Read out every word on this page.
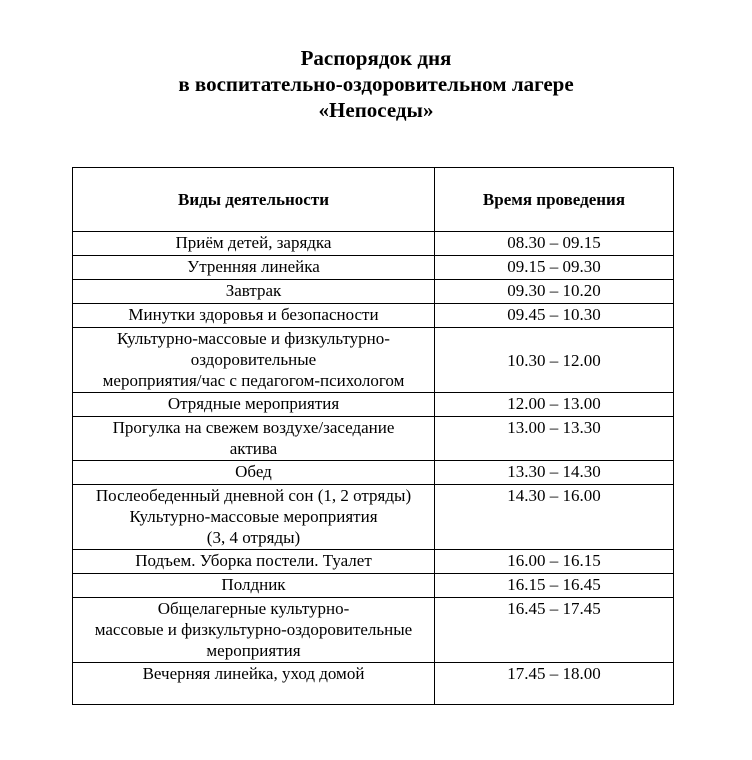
Распорядок дня
в воспитательно-оздоровительном лагере
«Непоседы»
Виды деятельности	Время проведения

Приём детей, зарядка	08.30 – 09.15

Утренняя линейка	09.15 – 09.30

Завтрак	09.30 – 10.20

Минутки здоровья и безопасности	09.45 – 10.30

Культурно-массовые и физкультурно-
оздоровительные
мероприятия/час с педагогом-психологом	10.30 – 12.00

Отрядные мероприятия	12.00 – 13.00

Прогулка на свежем воздухе/заседание
актива	13.00 – 13.30

Обед	13.30 – 14.30

Послеобеденный дневной сон (1, 2 отряды)
Культурно-массовые мероприятия
(3, 4 отряды)	14.30 – 16.00

Подъем. Уборка постели. Туалет	16.00 – 16.15

Полдник	16.15 – 16.45

Общелагерные культурно-
массовые и физкультурно-оздоровительные
мероприятия	16.45 – 17.45

Вечерняя линейка, уход домой	17.45 – 18.00
